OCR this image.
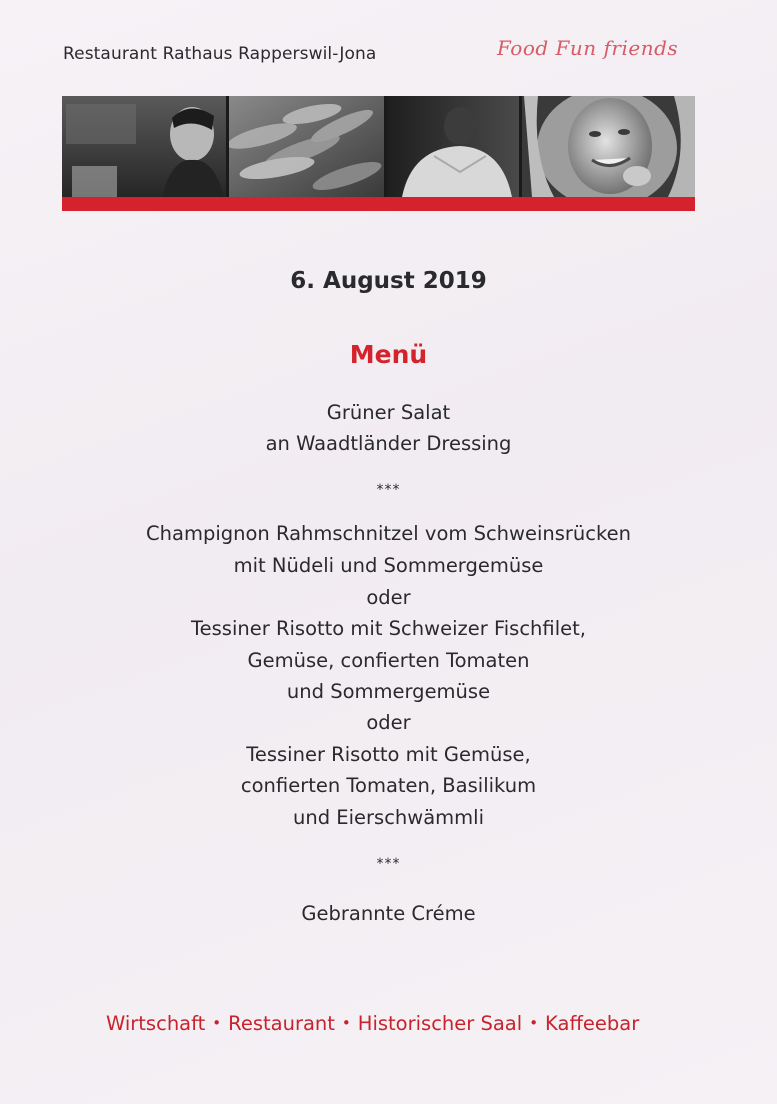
Restaurant Rathaus Rapperswil-Jona	Food Fun friends
6. August 2019
Menü
Grüner Salat
an Waadtländer Dressing
***
Champignon Rahmschnitzel vom Schweinsrücken
mit Nüdeli und Sommergemüse
oder
Tessiner Risotto mit Schweizer Fischfilet,
Gemüse, confierten Tomaten
und Sommergemüse
oder
Tessiner Risotto mit Gemüse,
confierten Tomaten, Basilikum
und Eierschwämmli
***
Gebrannte Créme
Wirtschaft • Restaurant • Historischer Saal • Kaffeebar
